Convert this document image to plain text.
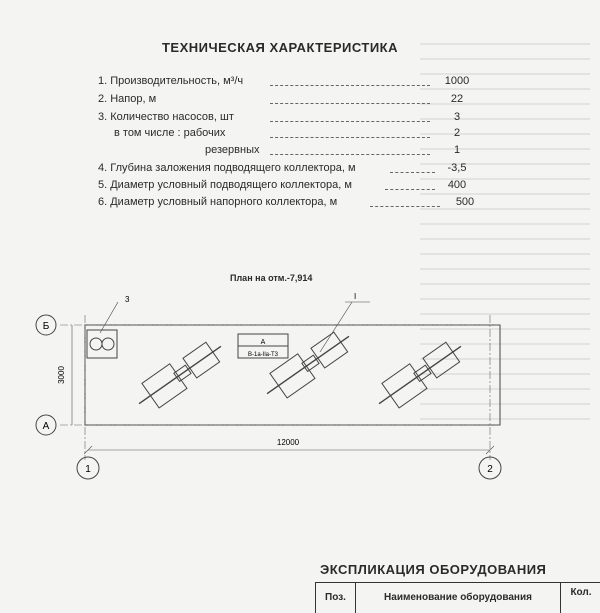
ТЕХНИЧЕСКАЯ ХАРАКТЕРИСТИКА
1. Производительность, м³/ч	1000
2. Напор, м	22
3. Количество насосов, шт	3
в том числе : рабочих	2
резервных	1
4. Глубина заложения подводящего коллектора, м	-3,5
5. Диаметр условный подводящего коллектора, м	400
6. Диаметр условный напорного коллектора, м	500
План на отм.-7,914
Б
А
1	2
3000
12000
3
А
В-1а-Ila-Т3
I
ЭКСПЛИКАЦИЯ ОБОРУДОВАНИЯ
Поз.	Наименование оборудования	Кол.
